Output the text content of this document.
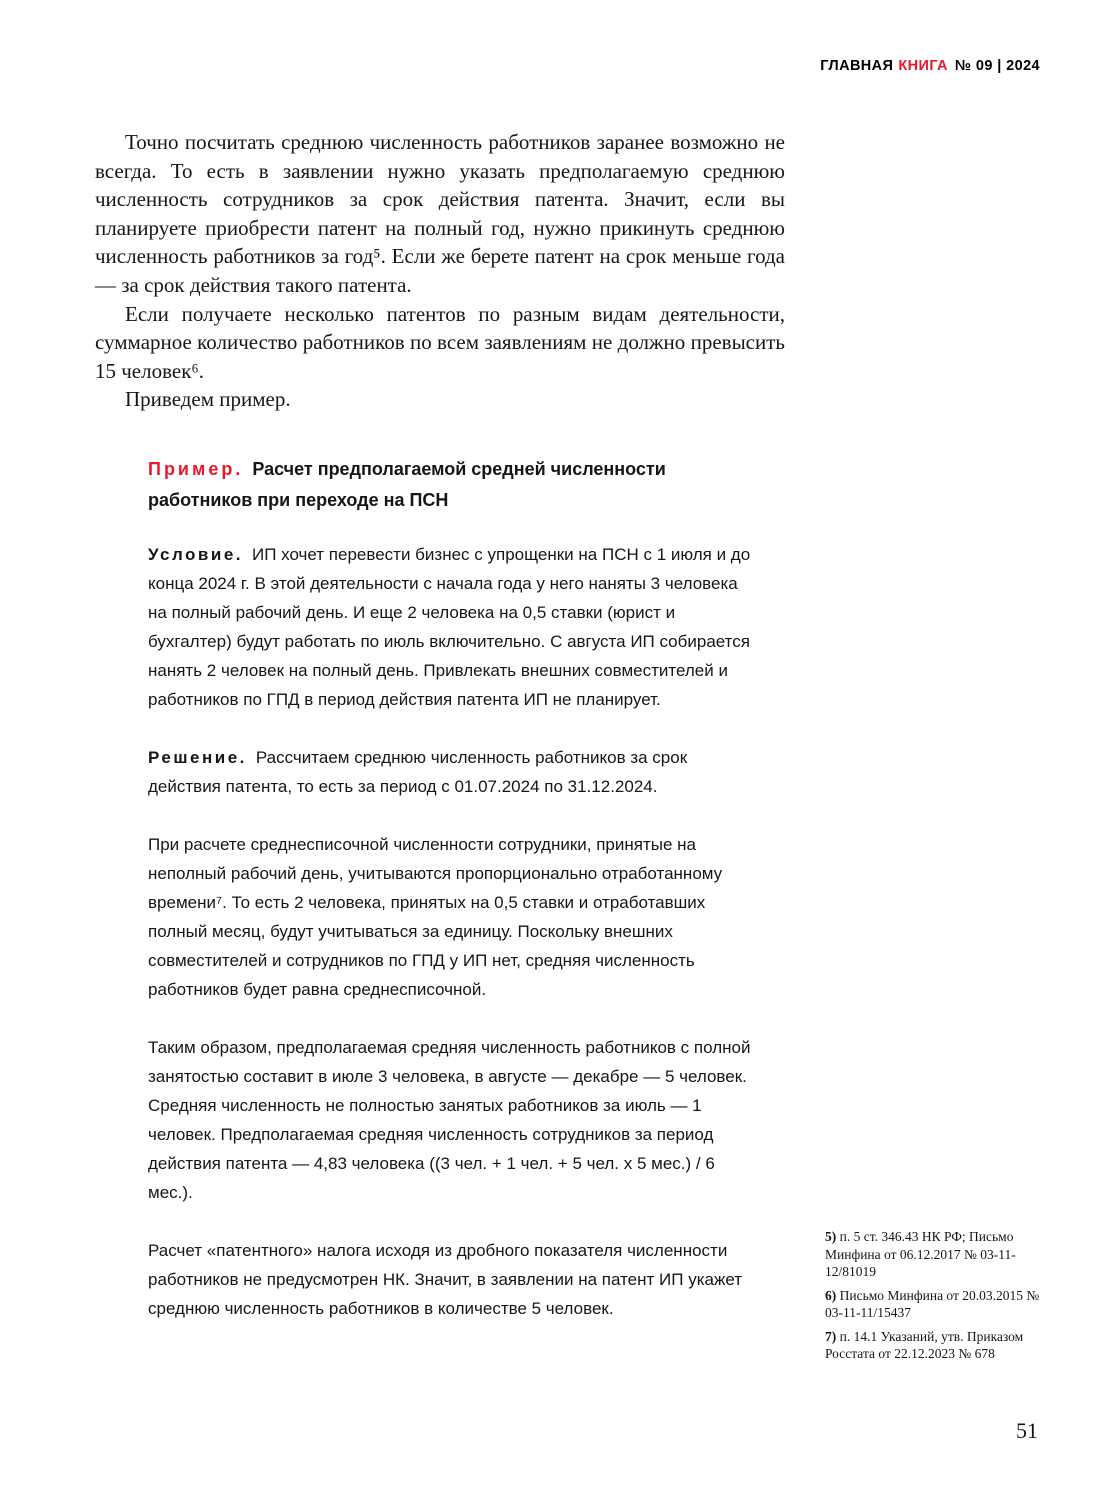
ГЛАВНАЯ КНИГА № 09 | 2024

Точно посчитать среднюю численность работников заранее возможно не всегда. То есть в заявлении нужно указать предполагаемую среднюю численность сотрудников за срок действия патента. Значит, если вы планируете приобрести патент на полный год, нужно прикинуть среднюю численность работников за год⁵. Если же берете патент на срок меньше года — за срок действия такого патента.

Если получаете несколько патентов по разным видам деятельности, суммарное количество работников по всем заявлениям не должно превысить 15 человек⁶.

Приведем пример.

Пример. Расчет предполагаемой средней численности работников при переходе на ПСН

Условие. ИП хочет перевести бизнес с упрощенки на ПСН с 1 июля и до конца 2024 г. В этой деятельности с начала года у него наняты 3 человека на полный рабочий день. И еще 2 человека на 0,5 ставки (юрист и бухгалтер) будут работать по июль включительно. С августа ИП собирается нанять 2 человек на полный день. Привлекать внешних совместителей и работников по ГПД в период действия патента ИП не планирует.

Решение. Рассчитаем среднюю численность работников за срок действия патента, то есть за период с 01.07.2024 по 31.12.2024.

При расчете среднесписочной численности сотрудники, принятые на неполный рабочий день, учитываются пропорционально отработанному времени⁷. То есть 2 человека, принятых на 0,5 ставки и отработавших полный месяц, будут учитываться за единицу. Поскольку внешних совместителей и сотрудников по ГПД у ИП нет, средняя численность работников будет равна среднесписочной.

Таким образом, предполагаемая средняя численность работников с полной занятостью составит в июле 3 человека, в августе — декабре — 5 человек. Средняя численность не полностью занятых работников за июль — 1 человек. Предполагаемая средняя численность сотрудников за период действия патента — 4,83 человека ((3 чел. + 1 чел. + 5 чел. х 5 мес.) / 6 мес.).

Расчет «патентного» налога исходя из дробного показателя численности работников не предусмотрен НК. Значит, в заявлении на патент ИП укажет среднюю численность работников в количестве 5 человек.

5) п. 5 ст. 346.43 НК РФ; Письмо Минфина от 06.12.2017 № 03-11-12/81019

6) Письмо Минфина от 20.03.2015 № 03-11-11/15437

7) п. 14.1 Указаний, утв. Приказом Росстата от 22.12.2023 № 678

51
